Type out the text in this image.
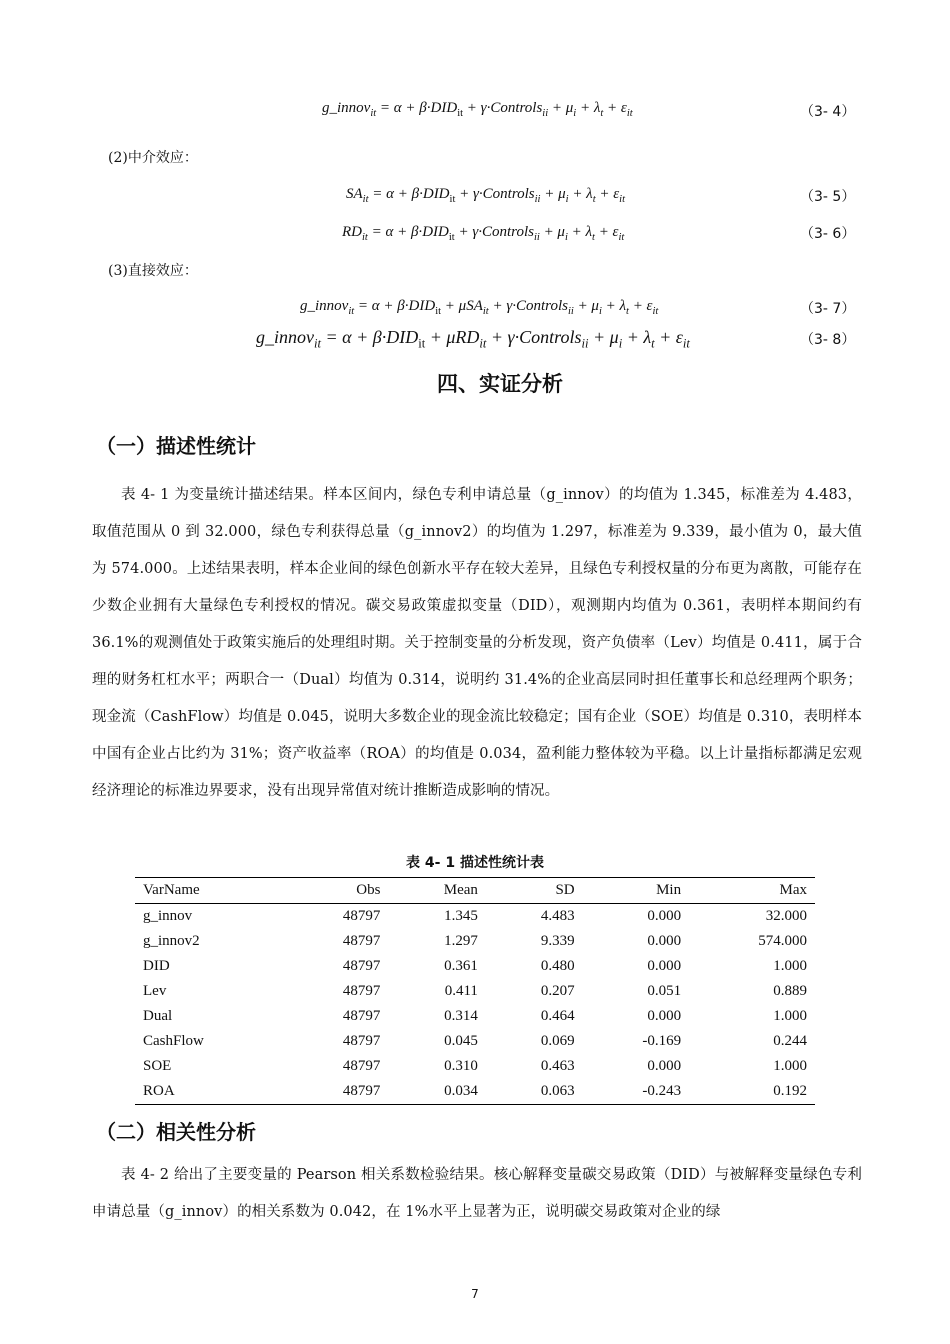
g_innov$_{it}$ = $\alpha + \beta\cdot DID_{it}$ + γ·Controls$_{ii}$ + $\mu_i + \lambda_t + \varepsilon_{it}$	（3- 4）
(2)中介效应：
$SA_{it} = \alpha + \beta\cdot DID_{it}$ + γ·Controls$_{ii}$ + $\mu_i + \lambda_t + \varepsilon_{it}$	（3- 5）
$RD_{it} = \alpha + \beta\cdot DID_{it}$ + γ·Controls$_{ii}$ + $\mu_i + \lambda_t + \varepsilon_{it}$	（3- 6）
(3)直接效应：
g_innov$_{it}$ = $\alpha + \beta\cdot DID_{it} + \mu SA_{it}$ + γ·Controls$_{ii}$ + $\mu_i + \lambda_t + \varepsilon_{it}$	（3- 7）
g_innov$_{it}$ = $\alpha + \beta\cdot DID_{it} + \mu RD_{it}$ + γ·Controls$_{ii}$ + $\mu_i + \lambda_t + \varepsilon_{it}$	（3- 8）
四、实证分析
（一）描述性统计
表 4- 1 为变量统计描述结果。样本区间内，绿色专利申请总量（g_innov）的均值为 1.345，标准差为 4.483，取值范围从 0 到 32.000，绿色专利获得总量（g_innov2）的均值为 1.297，标准差为 9.339，最小值为 0，最大值为 574.000。上述结果表明，样本企业间的绿色创新水平存在较大差异，且绿色专利授权量的分布更为离散，可能存在少数企业拥有大量绿色专利授权的情况。碳交易政策虚拟变量（DID），观测期内均值为 0.361，表明样本期间约有 36.1%的观测值处于政策实施后的处理组时期。关于控制变量的分析发现，资产负债率（Lev）均值是 0.411，属于合理的财务杠杠水平；两职合一（Dual）均值为 0.314，说明约 31.4%的企业高层同时担任董事长和总经理两个职务；现金流（CashFlow）均值是 0.045，说明大多数企业的现金流比较稳定；国有企业（SOE）均值是 0.310，表明样本中国有企业占比约为 31%；资产收益率（ROA）的均值是 0.034，盈利能力整体较为平稳。以上计量指标都满足宏观经济理论的标准边界要求，没有出现异常值对统计推断造成影响的情况。
表 4- 1 描述性统计表
VarName	Obs	Mean	SD	Min	Max
g_innov	48797	1.345	4.483	0.000	32.000
g_innov2	48797	1.297	9.339	0.000	574.000
DID	48797	0.361	0.480	0.000	1.000
Lev	48797	0.411	0.207	0.051	0.889
Dual	48797	0.314	0.464	0.000	1.000
CashFlow	48797	0.045	0.069	-0.169	0.244
SOE	48797	0.310	0.463	0.000	1.000
ROA	48797	0.034	0.063	-0.243	0.192
（二）相关性分析
表 4- 2 给出了主要变量的 Pearson 相关系数检验结果。核心解释变量碳交易政策（DID）与被解释变量绿色专利申请总量（g_innov）的相关系数为 0.042，在 1%水平上显著为正，说明碳交易政策对企业的绿
7
